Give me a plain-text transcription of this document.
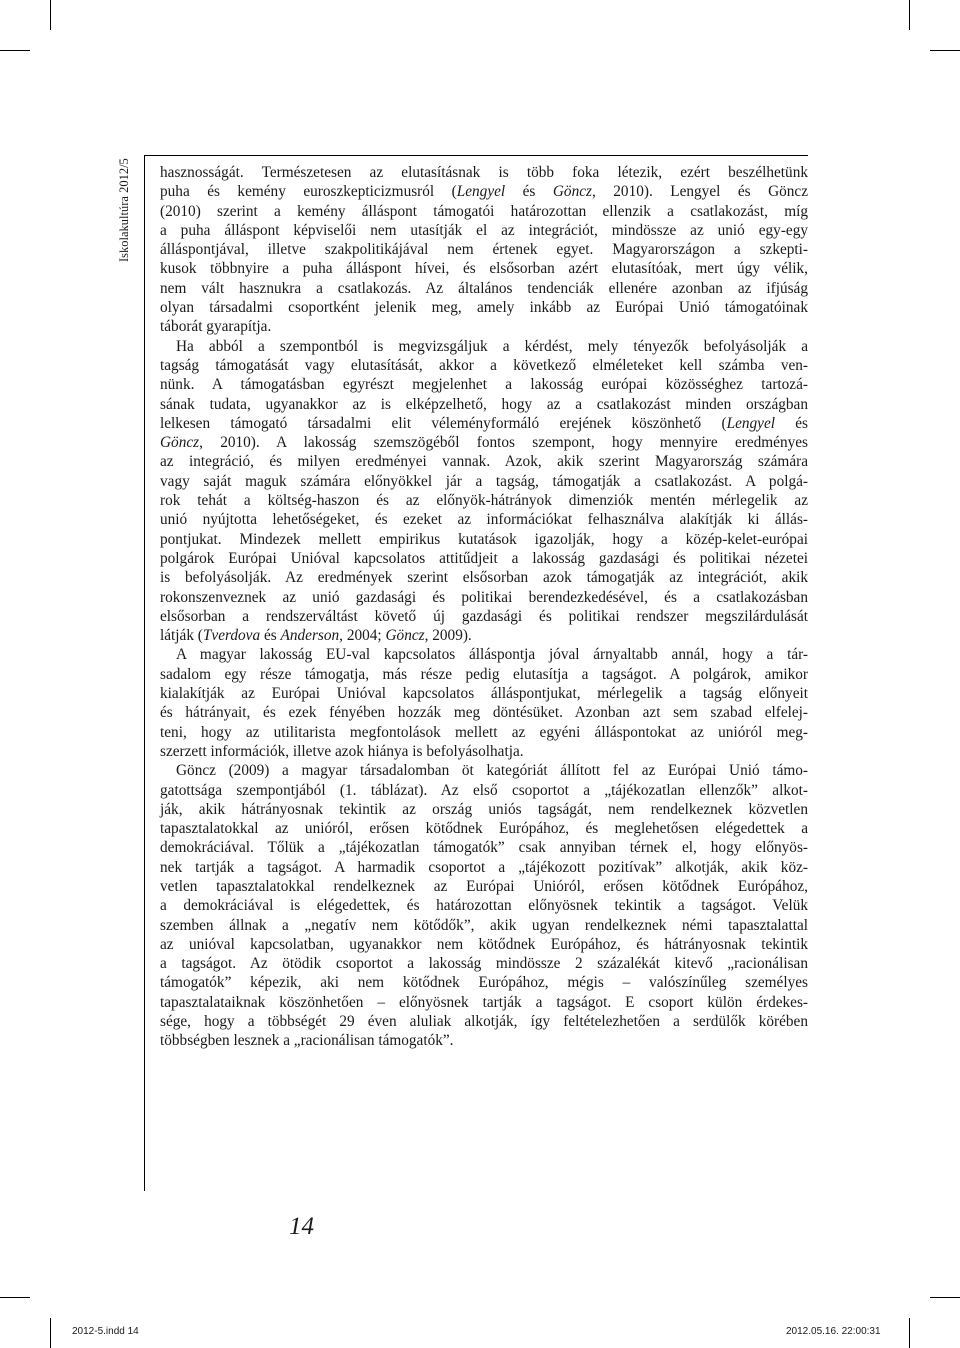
Iskolakultúra 2012/5 hasznosságát. Természetesen az elutasításnak is több foka létezik, ezért beszélhetünk
puha és kemény euroszkepticizmusról (Lengyel és Göncz, 2010). Lengyel és Göncz
(2010) szerint a kemény álláspont támogatói határozottan ellenzik a csatlakozást, míg
a puha álláspont képviselői nem utasítják el az integrációt, mindössze az unió egy-egy
álláspontjával, illetve szakpolitikájával nem értenek egyet. Magyarországon a szkepti-
kusok többnyire a puha álláspont hívei, és elsősorban azért elutasítóak, mert úgy vélik,
nem vált hasznukra a csatlakozás. Az általános tendenciák ellenére azonban az ifjúság
olyan társadalmi csoportként jelenik meg, amely inkább az Európai Unió támogatóinak
táborát gyarapítja.
Ha abból a szempontból is megvizsgáljuk a kérdést, mely tényezők befolyásolják a
tagság támogatását vagy elutasítását, akkor a következő elméleteket kell számba ven-
nünk. A támogatásban egyrészt megjelenhet a lakosság európai közösséghez tartozá-
sának tudata, ugyanakkor az is elképzelhető, hogy az a csatlakozást minden országban
lelkesen támogató társadalmi elit véleményformáló erejének köszönhető (Lengyel és
Göncz, 2010). A lakosság szemszögéből fontos szempont, hogy mennyire eredményes
az integráció, és milyen eredményei vannak. Azok, akik szerint Magyarország számára
vagy saját maguk számára előnyökkel jár a tagság, támogatják a csatlakozást. A polgá-
rok tehát a költség-haszon és az előnyök-hátrányok dimenziók mentén mérlegelik az
unió nyújtotta lehetőségeket, és ezeket az információkat felhasználva alakítják ki állás-
pontjukat. Mindezek mellett empirikus kutatások igazolják, hogy a közép-kelet-európai
polgárok Európai Unióval kapcsolatos attitűdjeit a lakosság gazdasági és politikai nézetei
is befolyásolják. Az eredmények szerint elsősorban azok támogatják az integrációt, akik
rokonszenveznek az unió gazdasági és politikai berendezkedésével, és a csatlakozásban
elsősorban a rendszerváltást követő új gazdasági és politikai rendszer megszilárdulását
látják (Tverdova és Anderson, 2004; Göncz, 2009).
A magyar lakosság EU-val kapcsolatos álláspontja jóval árnyaltabb annál, hogy a tár-
sadalom egy része támogatja, más része pedig elutasítja a tagságot. A polgárok, amikor
kialakítják az Európai Unióval kapcsolatos álláspontjukat, mérlegelik a tagság előnyeit
és hátrányait, és ezek fényében hozzák meg döntésüket. Azonban azt sem szabad elfelej-
teni, hogy az utilitarista megfontolások mellett az egyéni álláspontokat az unióról meg-
szerzett információk, illetve azok hiánya is befolyásolhatja.
Göncz (2009) a magyar társadalomban öt kategóriát állított fel az Európai Unió támo-
gatottsága szempontjából (1. táblázat). Az első csoportot a „tájékozatlan ellenzők” alkot-
ják, akik hátrányosnak tekintik az ország uniós tagságát, nem rendelkeznek közvetlen
tapasztalatokkal az unióról, erősen kötődnek Európához, és meglehetősen elégedettek a
demokráciával. Tőlük a „tájékozatlan támogatók” csak annyiban térnek el, hogy előnyös-
nek tartják a tagságot. A harmadik csoportot a „tájékozott pozitívak” alkotják, akik köz-
vetlen tapasztalatokkal rendelkeznek az Európai Unióról, erősen kötődnek Európához,
a demokráciával is elégedettek, és határozottan előnyösnek tekintik a tagságot. Velük
szemben állnak a „negatív nem kötődők”, akik ugyan rendelkeznek némi tapasztalattal
az unióval kapcsolatban, ugyanakkor nem kötődnek Európához, és hátrányosnak tekintik
a tagságot. Az ötödik csoportot a lakosság mindössze 2 százalékát kitevő „racionálisan
támogatók” képezik, aki nem kötődnek Európához, mégis – valószínűleg személyes
tapasztalataiknak köszönhetően – előnyösnek tartják a tagságot. E csoport külön érdekes-
sége, hogy a többségét 29 éven aluliak alkotják, így feltételezhetően a serdülők körében
többségben lesznek a „racionálisan támogatók”.
14
2012-5.indd 14	2012.05.16. 22:00:31
